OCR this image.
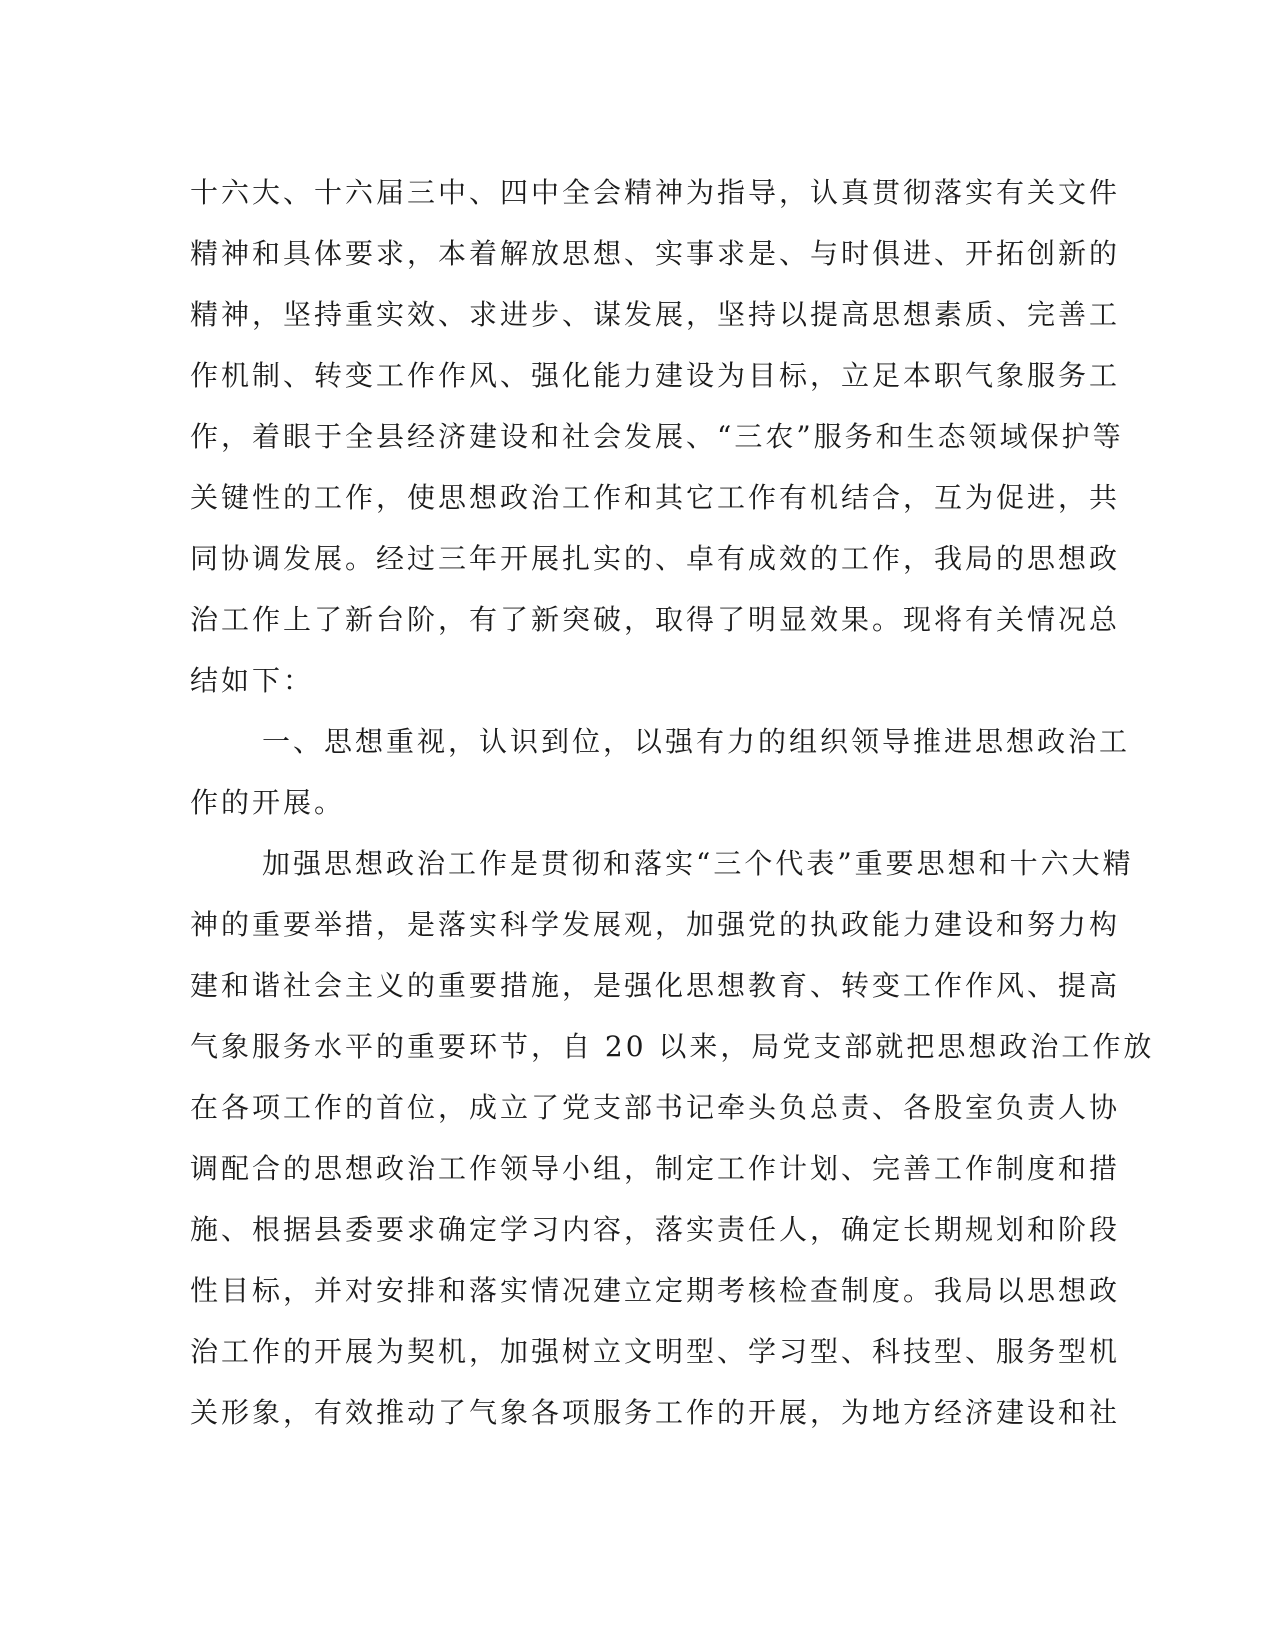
十六大、十六届三中、四中全会精神为指导，认真贯彻落实有关文件
精神和具体要求，本着解放思想、实事求是、与时俱进、开拓创新的
精神，坚持重实效、求进步、谋发展，坚持以提高思想素质、完善工
作机制、转变工作作风、强化能力建设为目标，立足本职气象服务工
作，着眼于全县经济建设和社会发展、“三农”服务和生态领域保护等
关键性的工作，使思想政治工作和其它工作有机结合，互为促进，共
同协调发展。经过三年开展扎实的、卓有成效的工作，我局的思想政
治工作上了新台阶，有了新突破，取得了明显效果。现将有关情况总
结如下：
一、思想重视，认识到位，以强有力的组织领导推进思想政治工
作的开展。
加强思想政治工作是贯彻和落实“三个代表”重要思想和十六大精
神的重要举措，是落实科学发展观，加强党的执政能力建设和努力构
建和谐社会主义的重要措施，是强化思想教育、转变工作作风、提高
气象服务水平的重要环节，自 20 以来，局党支部就把思想政治工作放
在各项工作的首位，成立了党支部书记牵头负总责、各股室负责人协
调配合的思想政治工作领导小组，制定工作计划、完善工作制度和措
施、根据县委要求确定学习内容，落实责任人，确定长期规划和阶段
性目标，并对安排和落实情况建立定期考核检查制度。我局以思想政
治工作的开展为契机，加强树立文明型、学习型、科技型、服务型机
关形象，有效推动了气象各项服务工作的开展，为地方经济建设和社
